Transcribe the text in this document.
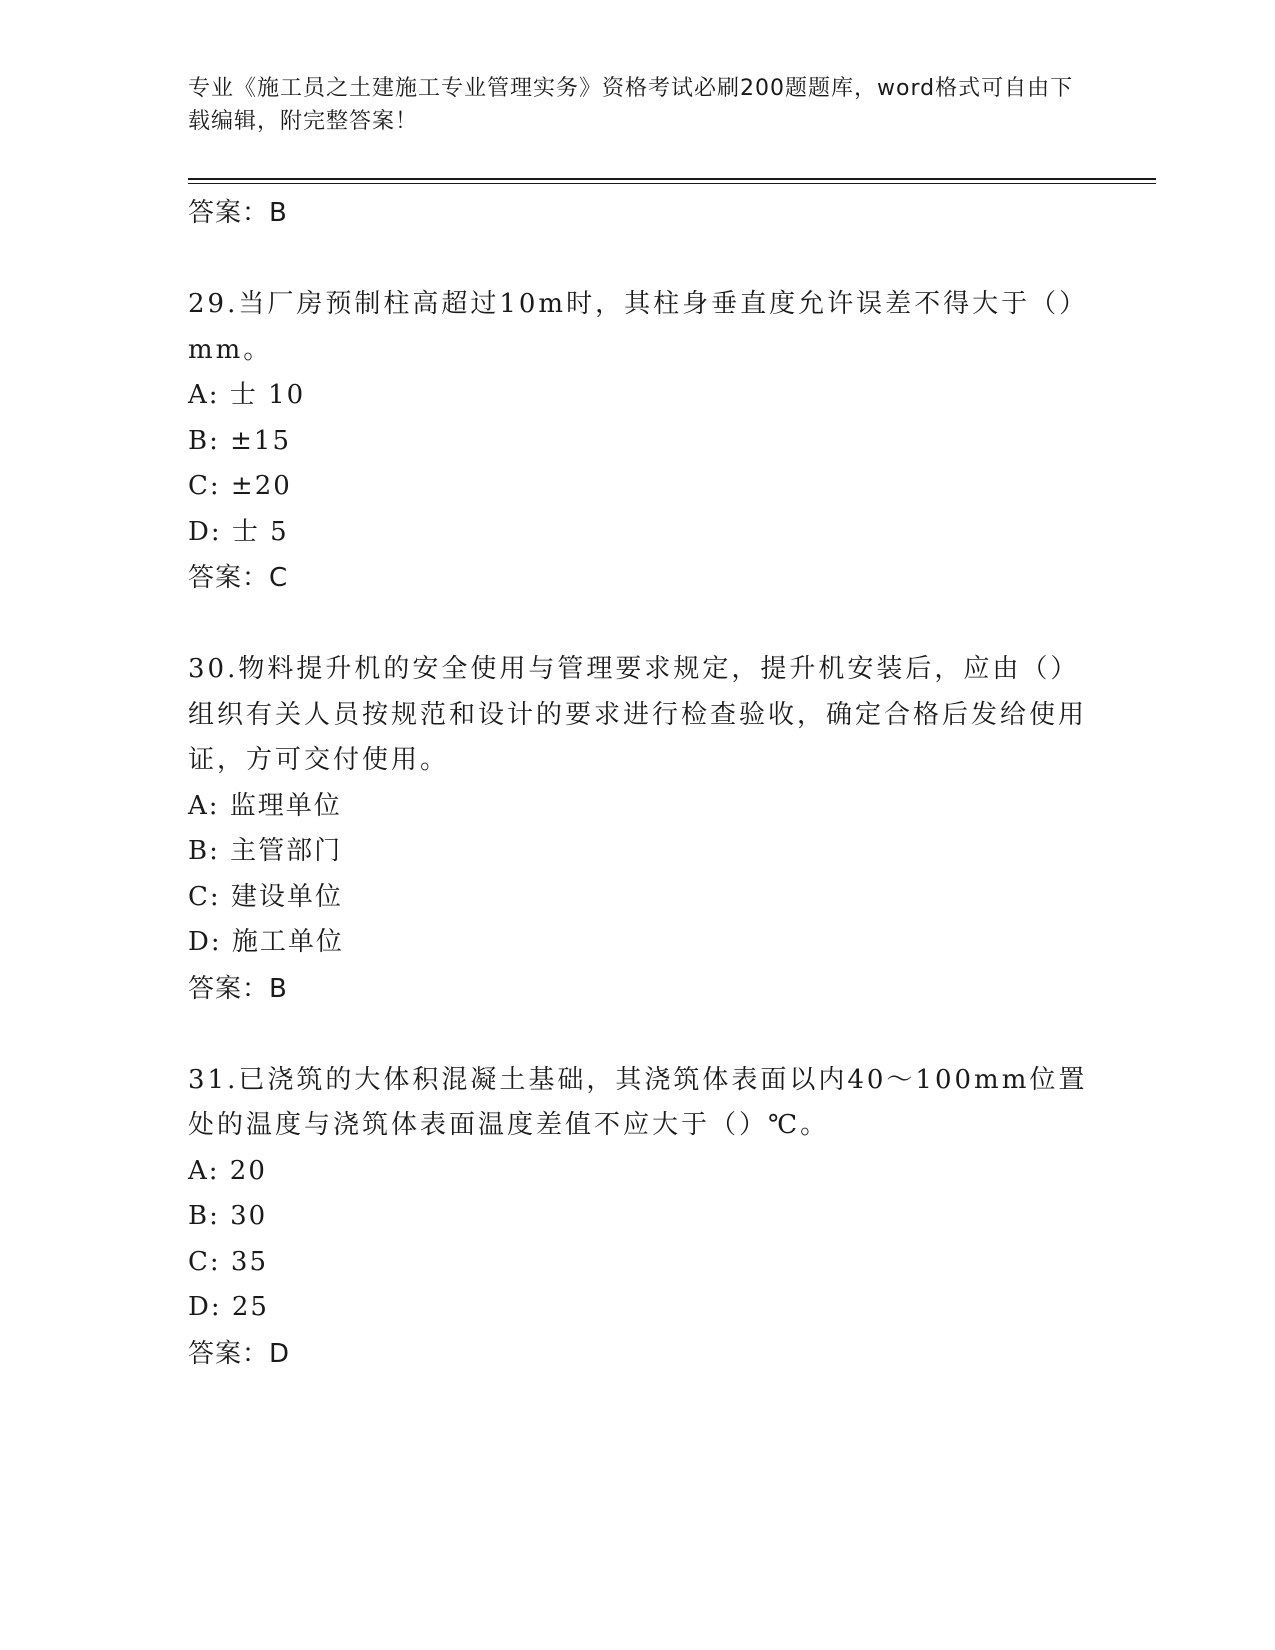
专业《施工员之土建施工专业管理实务》资格考试必刷200题题库，word格式可自由下载编辑，附完整答案！
答案：B
29.当厂房预制柱高超过10m时，其柱身垂直度允许误差不得大于（）mm。
A: 士 10
B: ±15
C: ±20
D: 士 5
答案：C
30.物料提升机的安全使用与管理要求规定，提升机安装后，应由（）组织有关人员按规范和设计的要求进行检查验收，确定合格后发给使用证，方可交付使用。
A: 监理单位
B: 主管部门
C: 建设单位
D: 施工单位
答案：B
31.已浇筑的大体积混凝土基础，其浇筑体表面以内40～100mm位置处的温度与浇筑体表面温度差值不应大于（）℃。
A: 20
B: 30
C: 35
D: 25
答案：D
